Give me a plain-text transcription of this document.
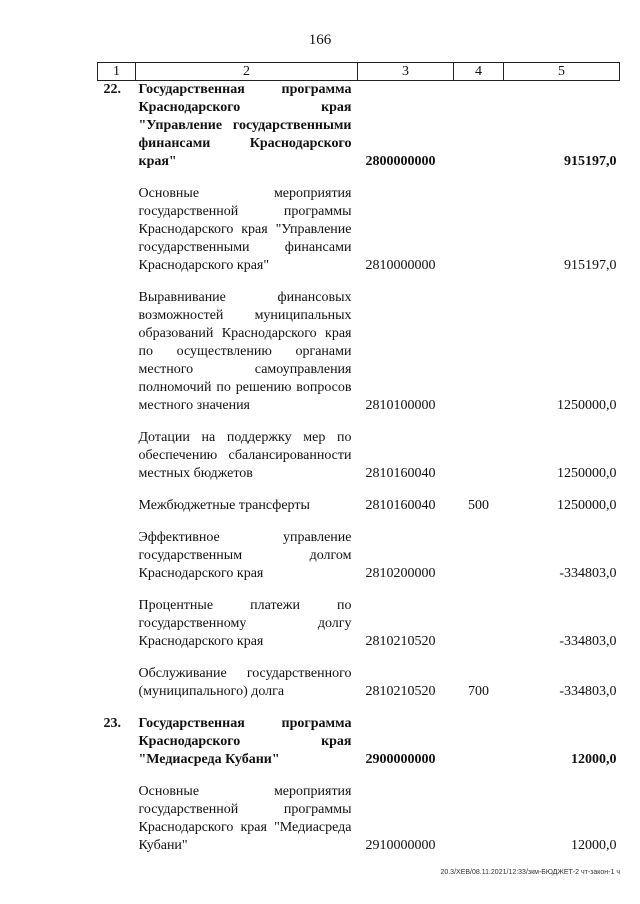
166
1	2	3	4	5
22.	Государственная программа Краснодарского края "Управление государственными финансами Краснодарского края"	2800000000		915197,0

	Основные мероприятия государственной программы Краснодарского края "Управление государственными финансами Краснодарского края"	2810000000		915197,0

	Выравнивание финансовых возможностей муниципальных образований Краснодарского края по осуществлению органами местного самоуправления полномочий по решению вопросов местного значения	2810100000		1250000,0

	Дотации на поддержку мер по обеспечению сбалансированности местных бюджетов	2810160040		1250000,0

	Межбюджетные трансферты	2810160040	500	1250000,0

	Эффективное управление государственным долгом Краснодарского края	2810200000		-334803,0

	Процентные платежи по государственному долгу Краснодарского края	2810210520		-334803,0

	Обслуживание государственного (муниципального) долга	2810210520	700	-334803,0

23.	Государственная программа Краснодарского края "Медиасреда Кубани"	2900000000		12000,0

	Основные мероприятия государственной программы Краснодарского края "Медиасреда Кубани"	2910000000		12000,0
20.3/ХЕВ/08.11.2021/12:33/зкм-БЮДЖЕТ-2 чт-закон-1 ч
